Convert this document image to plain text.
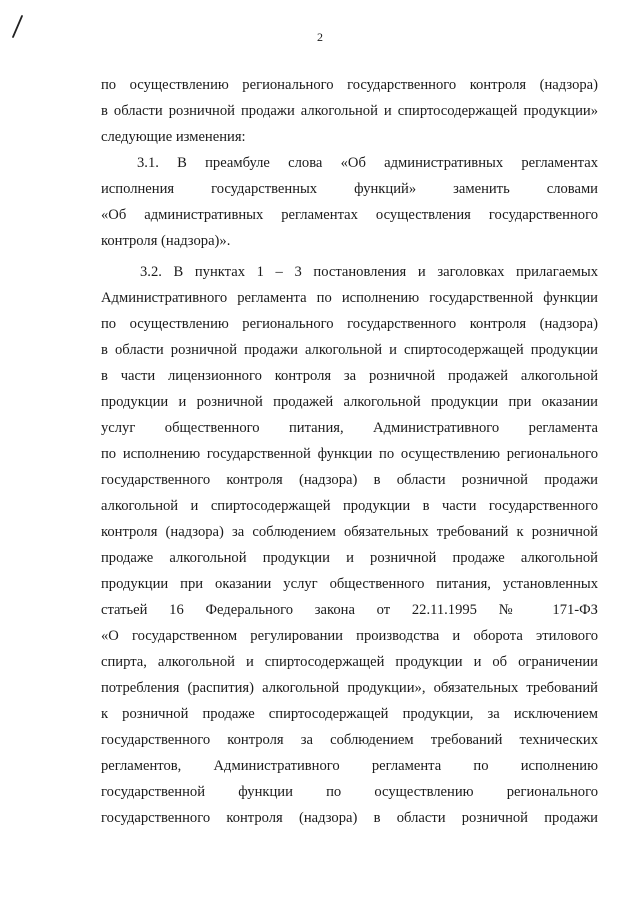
2
по осуществлению регионального государственного контроля (надзора)
в области розничной продажи алкогольной и спиртосодержащей продукции»
следующие изменения:
3.1. В преамбуле слова «Об административных регламентах
исполнения государственных функций» заменить словами
«Об административных регламентах осуществления государственного
контроля (надзора)».
3.2. В пунктах 1 – 3 постановления и заголовках прилагаемых
Административного регламента по исполнению государственной функции
по осуществлению регионального государственного контроля (надзора)
в области розничной продажи алкогольной и спиртосодержащей продукции
в части лицензионного контроля за розничной продажей алкогольной
продукции и розничной продажей алкогольной продукции при оказании
услуг общественного питания, Административного регламента
по исполнению государственной функции по осуществлению регионального
государственного контроля (надзора) в области розничной продажи
алкогольной и спиртосодержащей продукции в части государственного
контроля (надзора) за соблюдением обязательных требований к розничной
продаже алкогольной продукции и розничной продаже алкогольной
продукции при оказании услуг общественного питания, установленных
статьей 16 Федерального закона от 22.11.1995 № 171-ФЗ
«О государственном регулировании производства и оборота этилового
спирта, алкогольной и спиртосодержащей продукции и об ограничении
потребления (распития) алкогольной продукции», обязательных требований
к розничной продаже спиртосодержащей продукции, за исключением
государственного контроля за соблюдением требований технических
регламентов, Административного регламента по исполнению
государственной функции по осуществлению регионального
государственного контроля (надзора) в области розничной продажи
